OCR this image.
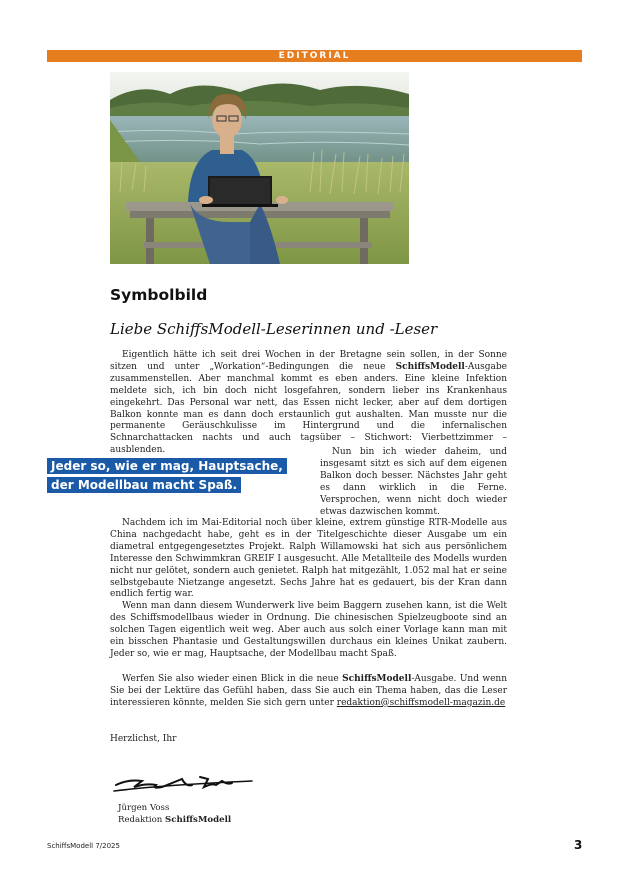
EDITORIAL
Symbolbild
Liebe SchiffsModell-Leserinnen und -Leser
Eigentlich hätte ich seit drei Wochen in der Bretagne sein sollen, in der Sonne sitzen und unter „Workation“-Bedingungen die neue SchiffsModell-Ausgabe zusammenstellen. Aber manchmal kommt es eben anders. Eine kleine Infektion meldete sich, ich bin doch nicht losgefahren, sondern lieber ins Krankenhaus eingekehrt. Das Personal war nett, das Essen nicht lecker, aber auf dem dortigen Balkon konnte man es dann doch erstaunlich gut aushalten. Man musste nur die permanente Geräuschkulisse im Hintergrund und die infernalischen Schnarchattacken nachts und auch tagsüber – Stichwort: Vierbettzimmer – ausblenden.
Jeder so, wie er mag, Hauptsache, der Modellbau macht Spaß.
Nun bin ich wieder daheim, und insgesamt sitzt es sich auf dem eigenen Balkon doch besser. Nächstes Jahr geht es dann wirklich in die Ferne. Versprochen, wenn nicht doch wieder etwas dazwischen kommt.
Nachdem ich im Mai-Editorial noch über kleine, extrem günstige RTR-Modelle aus China nachgedacht habe, geht es in der Titelgeschichte dieser Ausgabe um ein diametral entgegengesetztes Projekt. Ralph Willamowski hat sich aus persönlichem Interesse den Schwimmkran GREIF I ausgesucht. Alle Metallteile des Modells wurden nicht nur gelötet, sondern auch genietet. Ralph hat mitgezählt, 1.052 mal hat er seine selbstgebaute Nietzange angesetzt. Sechs Jahre hat es gedauert, bis der Kran dann endlich fertig war.
Wenn man dann diesem Wunderwerk live beim Baggern zusehen kann, ist die Welt des Schiffsmodellbaus wieder in Ordnung. Die chinesischen Spielzeugboote sind an solchen Tagen eigentlich weit weg. Aber auch aus solch einer Vorlage kann man mit ein bisschen Phantasie und Gestaltungswillen durchaus ein kleines Unikat zaubern. Jeder so, wie er mag, Hauptsache, der Modellbau macht Spaß.
Werfen Sie also wieder einen Blick in die neue SchiffsModell-Ausgabe. Und wenn Sie bei der Lektüre das Gefühl haben, dass Sie auch ein Thema haben, das die Leser interessieren könnte, melden Sie sich gern unter redaktion@schiffsmodell-magazin.de
Herzlichst, Ihr
Jürgen Voss
Redaktion SchiffsModell
SchiffsModell 7/2025	3
